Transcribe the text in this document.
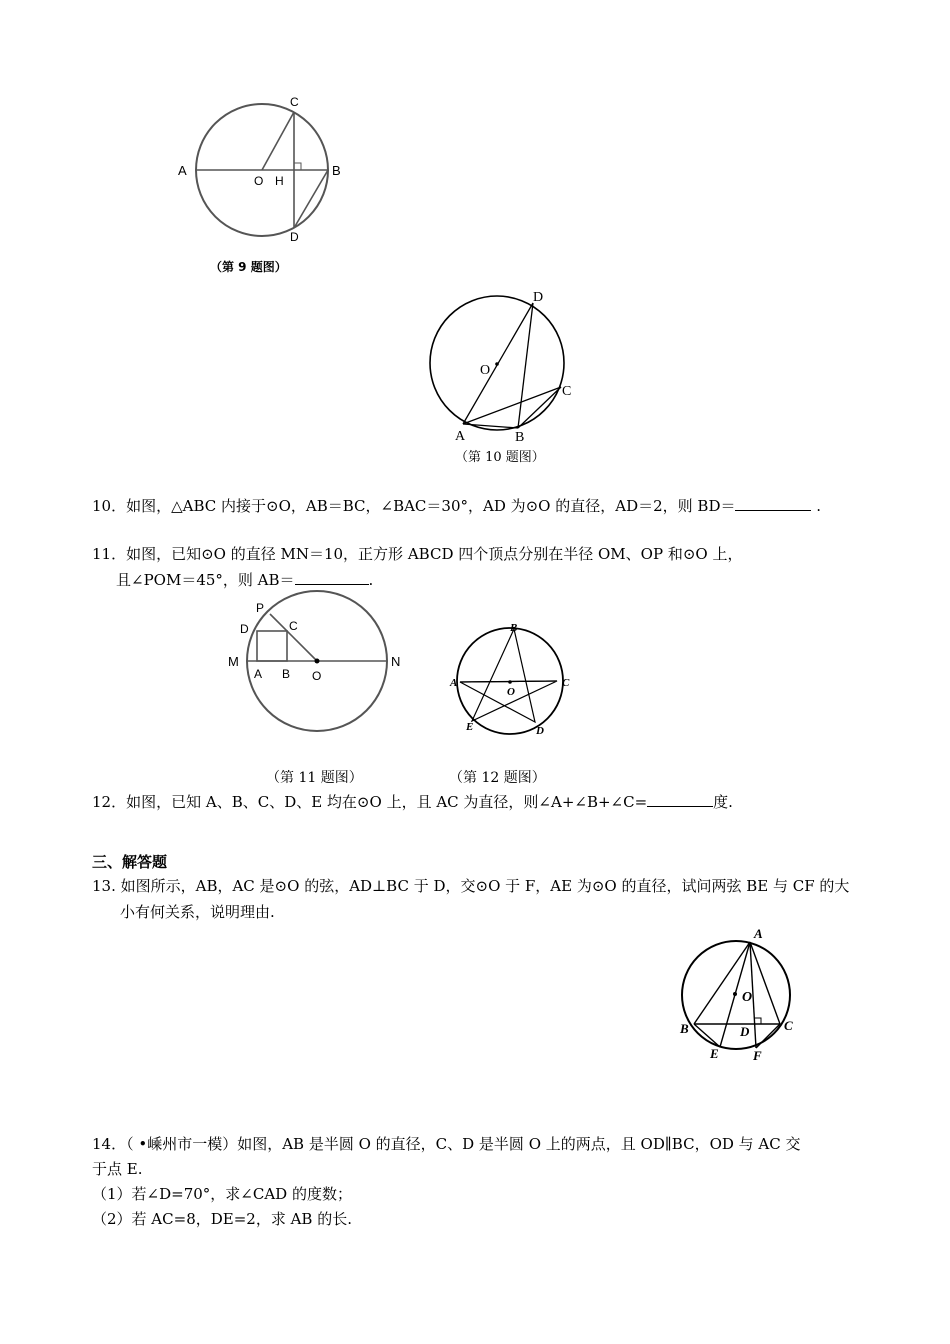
C
A
O H
B
D
（第 9 题图）
D
O
C
A	B
（第 10 题图）
10．如图，△ABC 内接于⊙O，AB＝BC，∠BAC＝30°，AD 为⊙O 的直径，AD＝2，则 BD＝	.
11．如图，已知⊙O 的直径 MN＝10，正方形 ABCD 四个顶点分别在半径 OM、OP 和⊙O 上，
且∠POM＝45°，则 AB＝	.
P
D	C
M
A B O
N
B
A
O
C
E	D
（第 11 题图）	（第 12 题图）
12．如图，已知 A、B、C、D、E 均在⊙O 上，且 AC 为直径，则∠A+∠B+∠C=	度.
三、解答题
13. 如图所示，AB，AC 是⊙O 的弦，AD⊥BC 于 D，交⊙O 于 F，AE 为⊙O 的直径，试问两弦 BE 与 CF 的大
小有何关系，说明理由.
A
O
B	D	C
E	F
14．（ •嵊州市一模）如图，AB 是半圆 O 的直径，C、D 是半圆 O 上的两点，且 OD∥BC，OD 与 AC 交
于点 E.
（1）若∠D=70°，求∠CAD 的度数；
（2）若 AC=8，DE=2，求 AB 的长.
